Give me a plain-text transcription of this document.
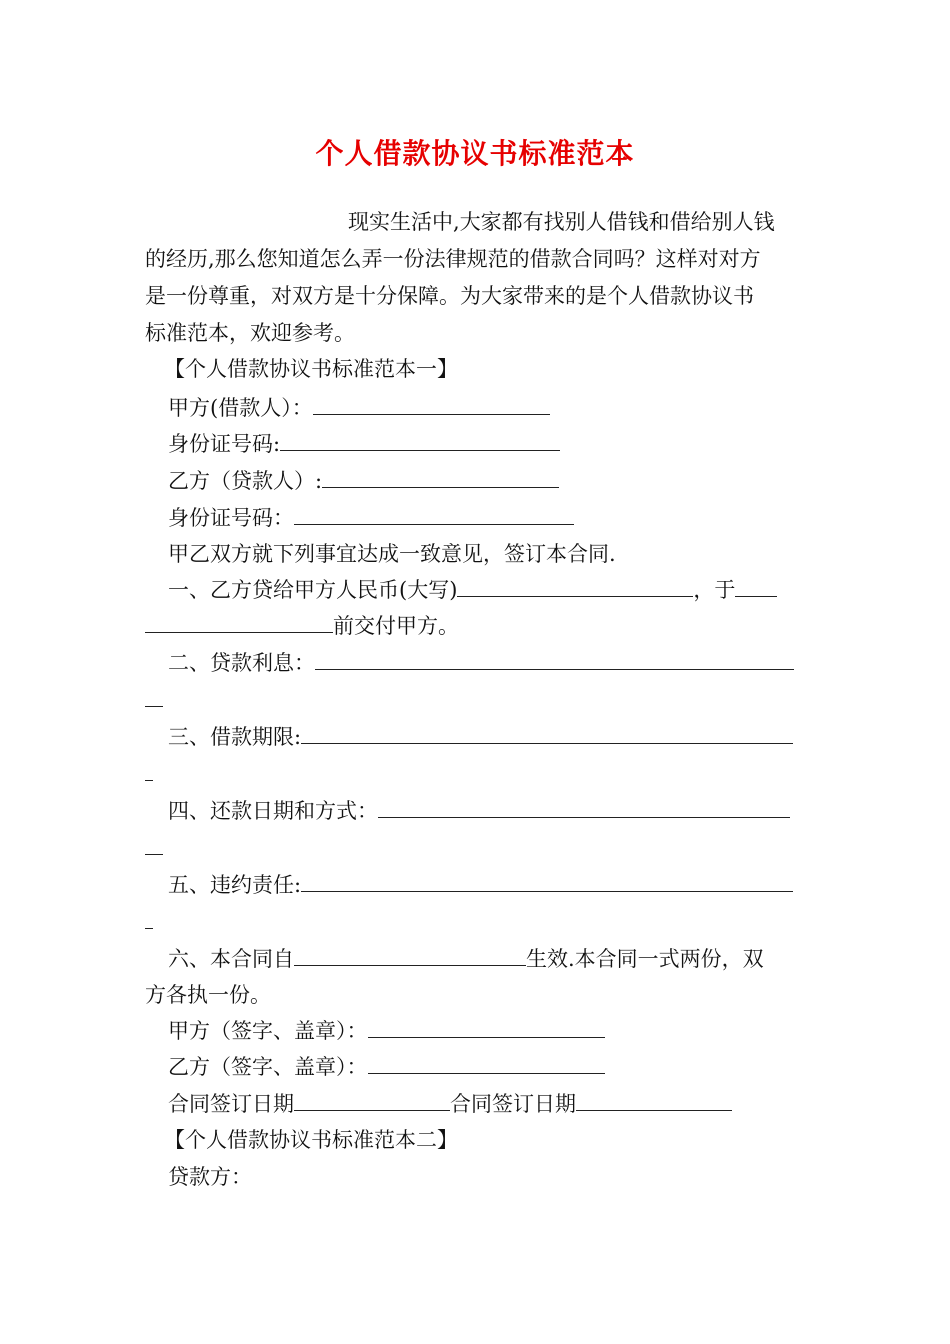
个人借款协议书标准范本
现实生活中,大家都有找别人借钱和借给别人钱
的经历,那么您知道怎么弄一份法律规范的借款合同吗？这样对对方
是一份尊重，对双方是十分保障。为大家带来的是个人借款协议书
标准范本，欢迎参考。
【个人借款协议书标准范本一】
甲方(借款人）：
身份证号码:
乙方（贷款人）:
身份证号码：
甲乙双方就下列事宜达成一致意见，签订本合同.
一、乙方贷给甲方人民币(大写)	，于
前交付甲方。
二、贷款利息：
三、借款期限:
四、还款日期和方式：
五、违约责任:
六、本合同自	生效.本合同一式两份，双
方各执一份。
甲方（签字、盖章）：
乙方（签字、盖章）：
合同签订日期	合同签订日期
【个人借款协议书标准范本二】
贷款方：
